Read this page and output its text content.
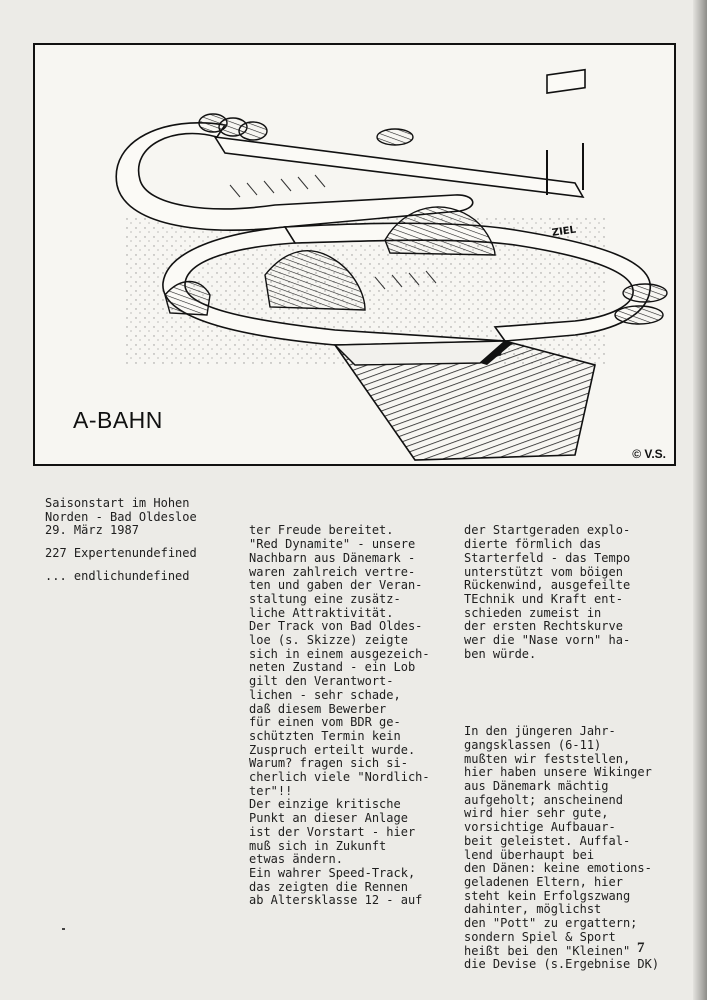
ZIEL
A-BAHN
© V.S.

Saisonstart im Hohen
Norden - Bad Oldesloe
29. März 1987

227 Expertenundefined

... endlichundefined

ter Freude bereitet.
"Red Dynamite" - unsere
Nachbarn aus Dänemark -
waren zahlreich vertre-
ten und gaben der Veran-
staltung eine zusätz-
liche Attraktivität.
Der Track von Bad Oldes-
loe (s. Skizze) zeigte
sich in einem ausgezeich-
neten Zustand - ein Lob
gilt den Verantwort-
lichen - sehr schade,
daß diesem Bewerber
für einen vom BDR ge-
schützten Termin kein
Zuspruch erteilt wurde.
Warum? fragen sich si-
cherlich viele "Nordlich-
ter"!!
Der einzige kritische
Punkt an dieser Anlage
ist der Vorstart - hier
muß sich in Zukunft
etwas ändern.
Ein wahrer Speed-Track,
das zeigten die Rennen
ab Altersklasse 12 - auf

der Startgeraden explo-
dierte förmlich das
Starterfeld - das Tempo
unterstützt vom böigen
Rückenwind, ausgefeilte
TEchnik und Kraft ent-
schieden zumeist in
der ersten Rechtskurve
wer die "Nase vorn" ha-
ben würde.

In den jüngeren Jahr-
gangsklassen (6-11)
mußten wir feststellen,
hier haben unsere Wikinger
aus Dänemark mächtig
aufgeholt; anscheinend
wird hier sehr gute,
vorsichtige Aufbauar-
beit geleistet. Auffal-
lend überhaupt bei
den Dänen: keine emotions-
geladenen Eltern, hier
steht kein Erfolgszwang
dahinter, möglichst
den "Pott" zu ergattern;
sondern Spiel & Sport
heißt bei den "Kleinen"
die Devise (s.Ergebnise DK)

7
